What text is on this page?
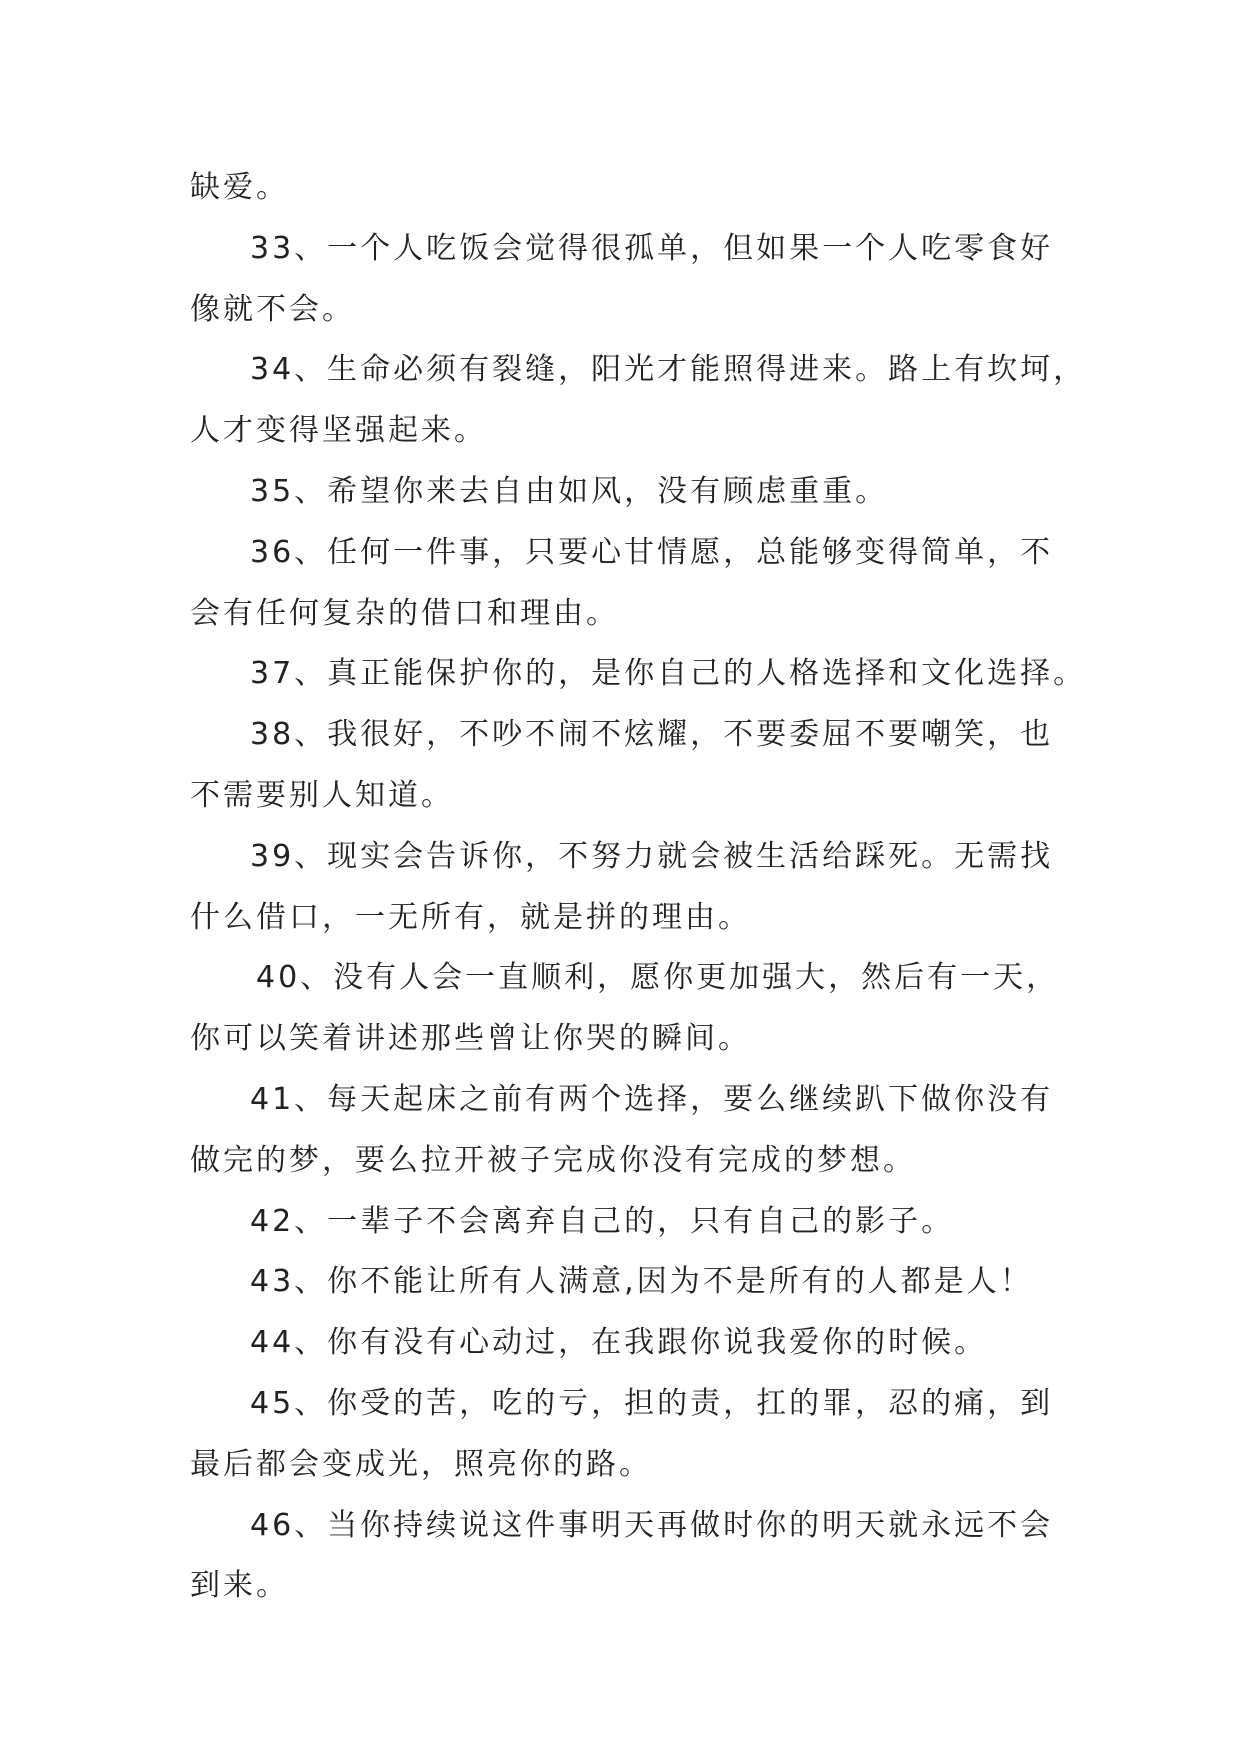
缺爱。
33、一个人吃饭会觉得很孤单，但如果一个人吃零食好
像就不会。
34、生命必须有裂缝，阳光才能照得进来。路上有坎坷，
人才变得坚强起来。
35、希望你来去自由如风，没有顾虑重重。
36、任何一件事，只要心甘情愿，总能够变得简单，不
会有任何复杂的借口和理由。
37、真正能保护你的，是你自己的人格选择和文化选择。
38、我很好，不吵不闹不炫耀，不要委屈不要嘲笑，也
不需要别人知道。
39、现实会告诉你，不努力就会被生活给踩死。无需找
什么借口，一无所有，就是拼的理由。
40、没有人会一直顺利，愿你更加强大，然后有一天，
你可以笑着讲述那些曾让你哭的瞬间。
41、每天起床之前有两个选择，要么继续趴下做你没有
做完的梦，要么拉开被子完成你没有完成的梦想。
42、一辈子不会离弃自己的，只有自己的影子。
43、你不能让所有人满意,因为不是所有的人都是人！
44、你有没有心动过，在我跟你说我爱你的时候。
45、你受的苦，吃的亏，担的责，扛的罪，忍的痛，到
最后都会变成光，照亮你的路。
46、当你持续说这件事明天再做时你的明天就永远不会
到来。
